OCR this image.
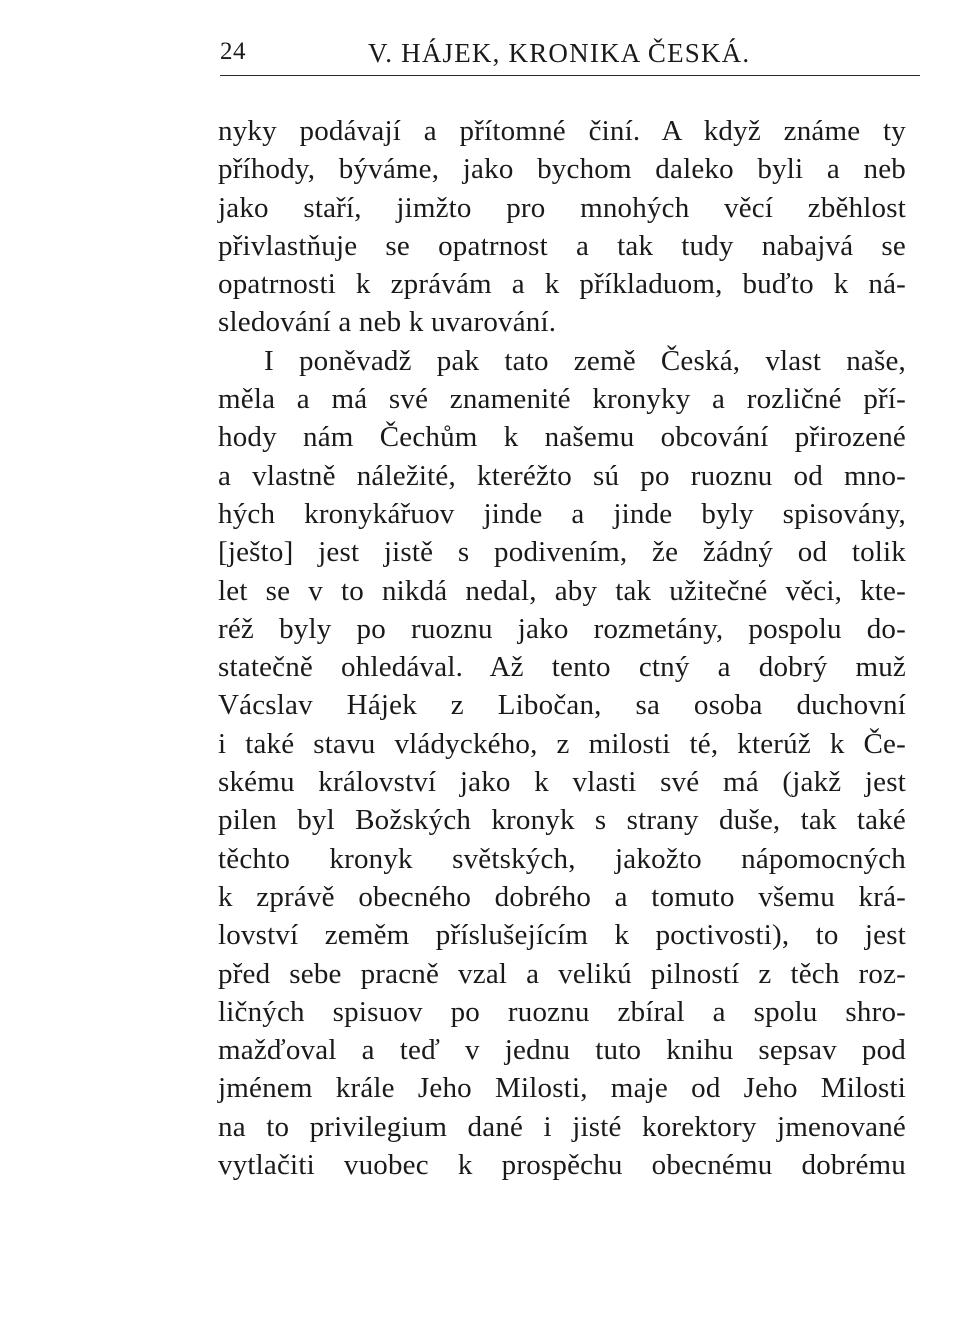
24	V. HÁJEK, KRONIKA ČESKÁ.
nyky podávají a přítomné činí. A když známe ty
příhody, býváme, jako bychom daleko byli a neb
jako staří, jimžto pro mnohých věcí zběhlost
přivlastňuje se opatrnost a tak tudy nabajvá se
opatrnosti k zprávám a k příkladuom, buďto k ná-
sledování a neb k uvarování.
I poněvadž pak tato země Česká, vlast naše,
měla a má své znamenité kronyky a rozličné pří-
hody nám Čechům k našemu obcování přirozené
a vlastně náležité, kteréžto sú po ruoznu od mno-
hých kronykářuov jinde a jinde byly spisovány,
[ješto] jest jistě s podivením, že žádný od tolik
let se v to nikdá nedal, aby tak užitečné věci, kte-
réž byly po ruoznu jako rozmetány, pospolu do-
statečně ohledával. Až tento ctný a dobrý muž
Vácslav Hájek z Libočan, sa osoba duchovní
i také stavu vládyckého, z milosti té, kterúž k Če-
skému království jako k vlasti své má (jakž jest
pilen byl Božských kronyk s strany duše, tak také
těchto kronyk světských, jakožto nápomocných
k zprávě obecného dobrého a tomuto všemu krá-
lovství zeměm příslušejícím k poctivosti), to jest
před sebe pracně vzal a velikú pilností z těch roz-
ličných spisuov po ruoznu zbíral a spolu shro-
mažďoval a teď v jednu tuto knihu sepsav pod
jménem krále Jeho Milosti, maje od Jeho Milosti
na to privilegium dané i jisté korektory jmenované
vytlačiti vuobec k prospěchu obecnému dobrému
